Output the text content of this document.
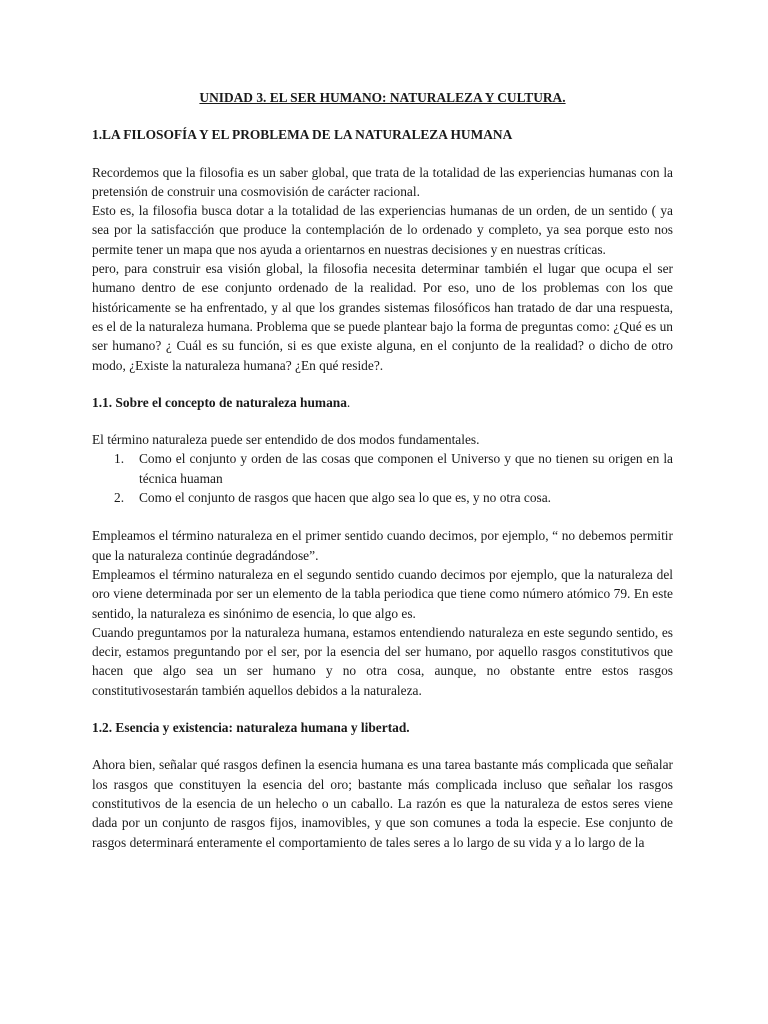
UNIDAD 3. EL SER HUMANO: NATURALEZA Y CULTURA.
1.LA FILOSOFÍA Y EL PROBLEMA DE LA NATURALEZA HUMANA

Recordemos que la filosofia es un saber global, que trata de la totalidad de las experiencias humanas con la pretensión de construir una cosmovisión de carácter racional.

Esto es, la filosofia busca dotar a la totalidad de las experiencias humanas de un orden, de un sentido ( ya sea por la satisfacción que produce la contemplación de lo ordenado y completo, ya sea porque esto nos permite tener un mapa que nos ayuda a orientarnos en nuestras decisiones y en nuestras críticas.

pero, para construir esa visión global, la filosofia necesita determinar también el lugar que ocupa el ser humano dentro de ese conjunto ordenado de la realidad. Por eso, uno de los problemas con los que históricamente se ha enfrentado, y al que los grandes sistemas filosóficos han tratado de dar una respuesta, es el de la naturaleza humana. Problema que se puede plantear bajo la forma de preguntas como: ¿Qué es un ser humano? ¿ Cuál es su función, si es que existe alguna, en el conjunto de la realidad? o dicho de otro modo, ¿Existe la naturaleza humana? ¿En qué reside?.

1.1. Sobre el concepto de naturaleza humana.

El término naturaleza puede ser entendido de dos modos fundamentales.

1. Como el conjunto y orden de las cosas que componen el Universo y que no tienen su origen en la técnica huaman
2. Como el conjunto de rasgos que hacen que algo sea lo que es, y no otra cosa.

Empleamos el término naturaleza en el primer sentido cuando decimos, por ejemplo, “ no debemos permitir que la naturaleza continúe degradándose”.

Empleamos el término naturaleza en el segundo sentido cuando decimos por ejemplo, que la naturaleza del oro viene determinada por ser un elemento de la tabla periodica que tiene como número atómico 79. En este sentido, la naturaleza es sinónimo de esencia, lo que algo es.

Cuando preguntamos por la naturaleza humana, estamos entendiendo naturaleza en este segundo sentido, es decir, estamos preguntando por el ser, por la esencia del ser humano, por aquello rasgos constitutivos que hacen que algo sea un ser humano y no otra cosa, aunque, no obstante entre estos rasgos constitutivosestarán también aquellos debidos a la naturaleza.

1.2. Esencia y existencia: naturaleza humana y libertad.

Ahora bien, señalar qué rasgos definen la esencia humana es una tarea bastante más complicada que señalar los rasgos que constituyen la esencia del oro; bastante más complicada incluso que señalar los rasgos constitutivos de la esencia de un helecho o un caballo. La razón es que la naturaleza de estos seres viene dada por un conjunto de rasgos fijos, inamovibles, y que son comunes a toda la especie. Ese conjunto de rasgos determinará enteramente el comportamiento de tales seres a lo largo de su vida y a lo largo de la
